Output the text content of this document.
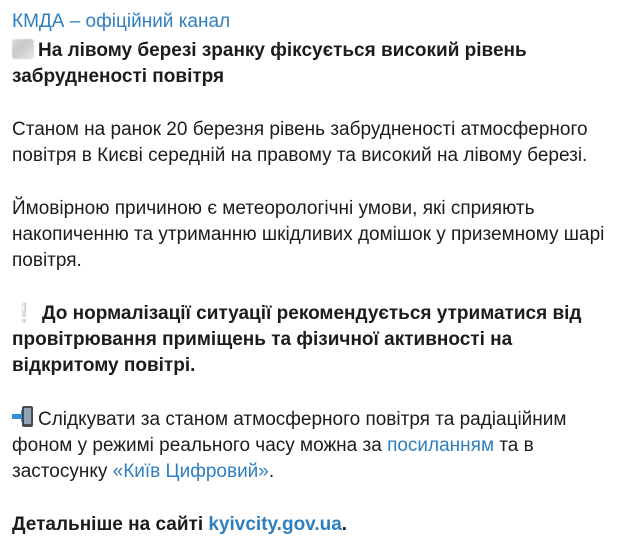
КМДА – офіційний канал
На лівому березі зранку фіксується високий рівень забрудненості повітря
Станом на ранок 20 березня рівень забрудненості атмосферного повітря в Києві середній на правому та високий на лівому березі.
Ймовірною причиною є метеорологічні умови, які сприяють накопиченню та утриманню шкідливих домішок у приземному шарі повітря.
❕ До нормалізації ситуації рекомендується утриматися від провітрювання приміщень та фізичної активності на відкритому повітрі.
Слідкувати за станом атмосферного повітря та радіаційним фоном у режимі реального часу можна за посиланням та в застосунку «Київ Цифровий».
Детальніше на сайті kyivcity.gov.ua.
